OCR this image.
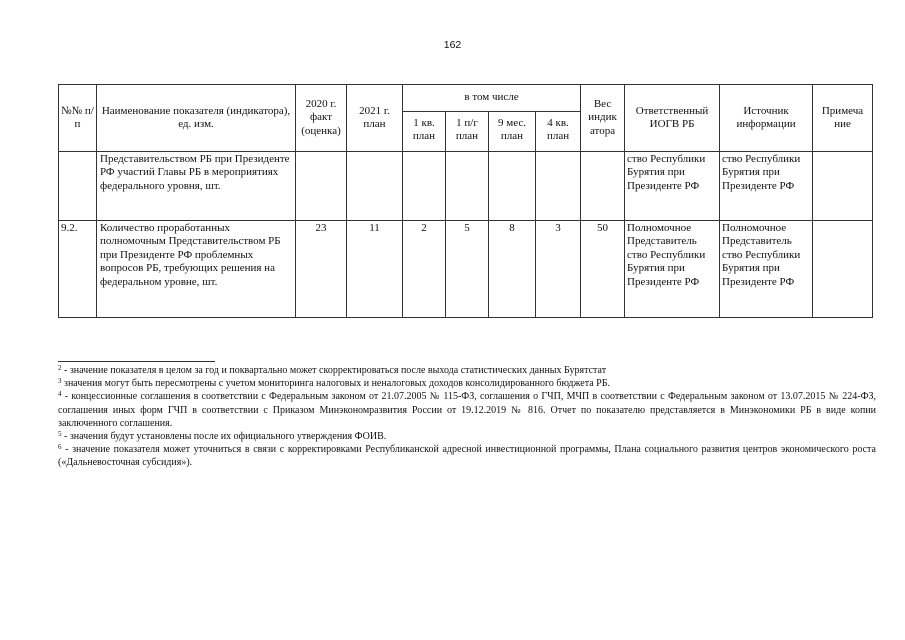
162
№№ п/п	Наименование показателя (индикатора), ед. изм.	2020 г. факт (оценка)	2021 г. план	в том числе				Вес индик атора	Ответственный ИОГВ РБ	Источник информации	Примеча ние
				1 кв. план	1 п/г план	9 мес. план	4 кв. план				
	Представительством РБ при Президенте РФ участий Главы РБ в мероприятиях федерального уровня, шт.								ство Республики Бурятия при Президенте РФ	ство Республики Бурятия при Президенте РФ	
9.2.	Количество проработанных полномочным Представительством РБ при Президенте РФ проблемных вопросов РБ, требующих решения на федеральном уровне, шт.	23	11	2	5	8	3	50	Полномочное Представитель ство Республики Бурятия при Президенте РФ	Полномочное Представитель ство Республики Бурятия при Президенте РФ	

$^2$ - значение показателя в целом за год и поквартально может скорректироваться после выхода статистических данных Бурятстат

$^3$ значения могут быть пересмотрены с учетом мониторинга налоговых и неналоговых доходов консолидированного бюджета РБ.

$^4$ - концессионные соглашения в соответствии с Федеральным законом от 21.07.2005 № 115-ФЗ, соглашения о ГЧП, МЧП в соответствии с Федеральным законом от 13.07.2015 № 224-ФЗ, соглашения иных форм ГЧП в соответствии с Приказом Минэкономразвития России от 19.12.2019 № 816. Отчет по показателю представляется в Минэкономики РБ в виде копии заключенного соглашения.

$^5$ - значения будут установлены после их официального утверждения ФОИВ.

$^6$ - значение показателя может уточниться в связи с корректировками Республиканской адресной инвестиционной программы, Плана социального развития центров экономического роста («Дальневосточная субсидия»).
